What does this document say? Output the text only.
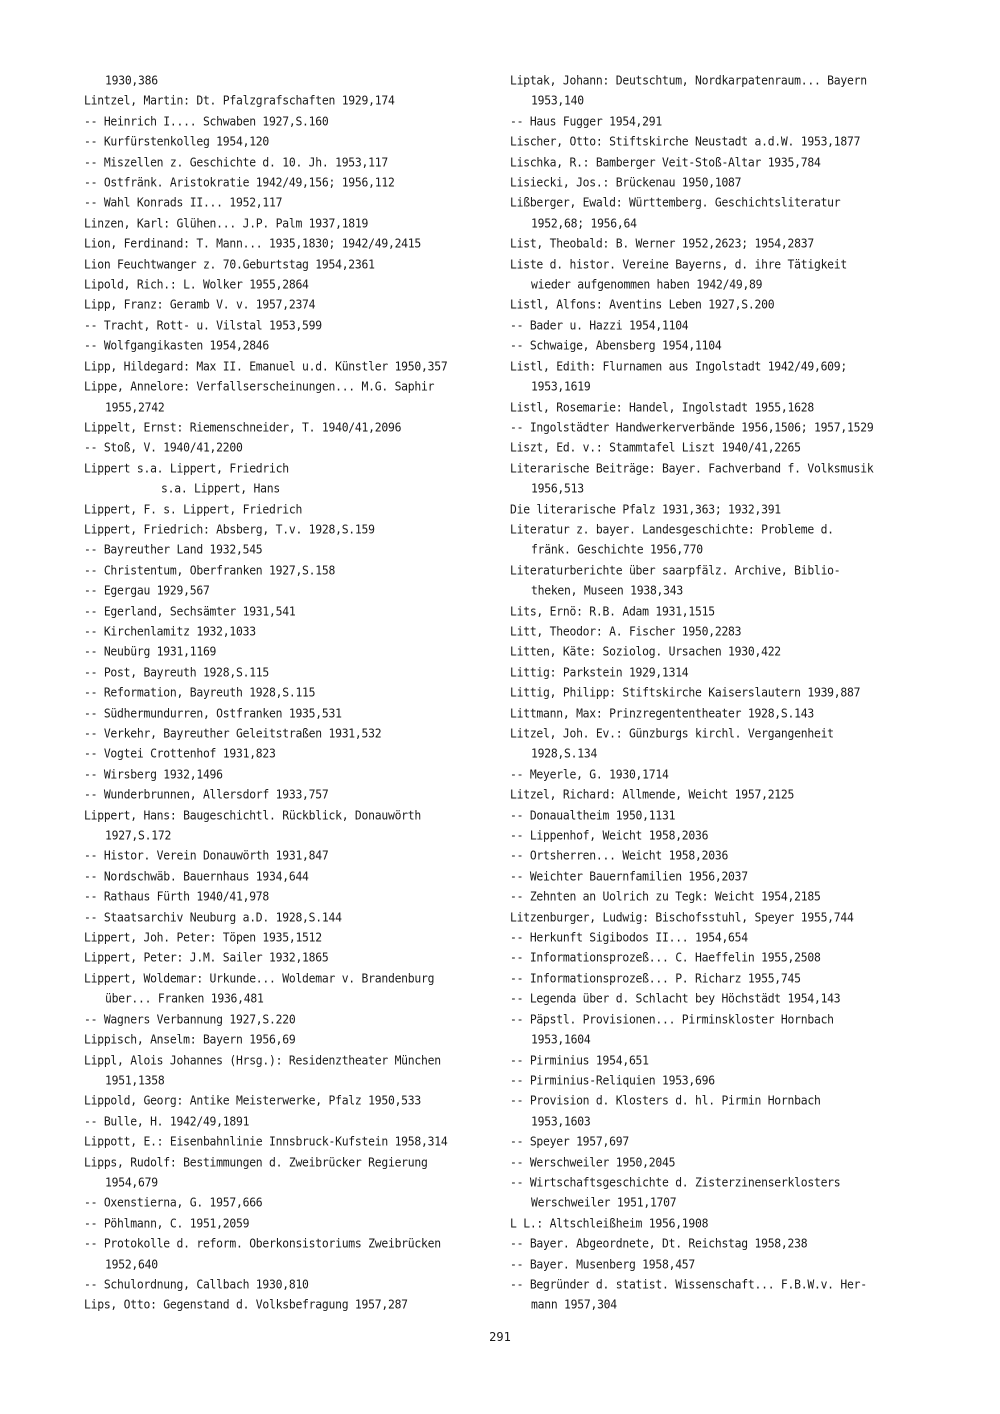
1930,386
Lintzel, Martin: Dt. Pfalzgrafschaften 1929,174
-- Heinrich I.... Schwaben 1927,S.160
-- Kurfürstenkolleg 1954,120
-- Miszellen z. Geschichte d. 10. Jh. 1953,117
-- Ostfränk. Aristokratie 1942/49,156; 1956,112
-- Wahl Konrads II... 1952,117
Linzen, Karl: Glühen... J.P. Palm 1937,1819
Lion, Ferdinand: T. Mann... 1935,1830; 1942/49,2415
Lion Feuchtwanger z. 70.Geburtstag 1954,2361
Lipold, Rich.: L. Wolker 1955,2864
Lipp, Franz: Geramb V. v. 1957,2374
-- Tracht, Rott- u. Vilstal 1953,599
-- Wolfgangikasten 1954,2846
Lipp, Hildegard: Max II. Emanuel u.d. Künstler 1950,357
Lippe, Annelore: Verfallserscheinungen... M.G. Saphir
1955,2742
Lippelt, Ernst: Riemenschneider, T. 1940/41,2096
-- Stoß, V. 1940/41,2200
Lippert s.a. Lippert, Friedrich
s.a. Lippert, Hans
Lippert, F. s. Lippert, Friedrich
Lippert, Friedrich: Absberg, T.v. 1928,S.159
-- Bayreuther Land 1932,545
-- Christentum, Oberfranken 1927,S.158
-- Egergau 1929,567
-- Egerland, Sechsämter 1931,541
-- Kirchenlamitz 1932,1033
-- Neubürg 1931,1169
-- Post, Bayreuth 1928,S.115
-- Reformation, Bayreuth 1928,S.115
-- Südhermundurren, Ostfranken 1935,531
-- Verkehr, Bayreuther Geleitstraßen 1931,532
-- Vogtei Crottenhof 1931,823
-- Wirsberg 1932,1496
-- Wunderbrunnen, Allersdorf 1933,757
Lippert, Hans: Baugeschichtl. Rückblick, Donauwörth
1927,S.172
-- Histor. Verein Donauwörth 1931,847
-- Nordschwäb. Bauernhaus 1934,644
-- Rathaus Fürth 1940/41,978
-- Staatsarchiv Neuburg a.D. 1928,S.144
Lippert, Joh. Peter: Töpen 1935,1512
Lippert, Peter: J.M. Sailer 1932,1865
Lippert, Woldemar: Urkunde... Woldemar v. Brandenburg
über... Franken 1936,481
-- Wagners Verbannung 1927,S.220
Lippisch, Anselm: Bayern 1956,69
Lippl, Alois Johannes (Hrsg.): Residenztheater München
1951,1358
Lippold, Georg: Antike Meisterwerke, Pfalz 1950,533
-- Bulle, H. 1942/49,1891
Lippott, E.: Eisenbahnlinie Innsbruck-Kufstein 1958,314
Lipps, Rudolf: Bestimmungen d. Zweibrücker Regierung
1954,679
-- Oxenstierna, G. 1957,666
-- Pöhlmann, C. 1951,2059
-- Protokolle d. reform. Oberkonsistoriums Zweibrücken
1952,640
-- Schulordnung, Callbach 1930,810
Lips, Otto: Gegenstand d. Volksbefragung 1957,287
Liptak, Johann: Deutschtum, Nordkarpatenraum... Bayern
1953,140
-- Haus Fugger 1954,291
Lischer, Otto: Stiftskirche Neustadt a.d.W. 1953,1877
Lischka, R.: Bamberger Veit-Stoß-Altar 1935,784
Lisiecki, Jos.: Brückenau 1950,1087
Lißberger, Ewald: Württemberg. Geschichtsliteratur
1952,68; 1956,64
List, Theobald: B. Werner 1952,2623; 1954,2837
Liste d. histor. Vereine Bayerns, d. ihre Tätigkeit
wieder aufgenommen haben 1942/49,89
Listl, Alfons: Aventins Leben 1927,S.200
-- Bader u. Hazzi 1954,1104
-- Schwaige, Abensberg 1954,1104
Listl, Edith: Flurnamen aus Ingolstadt 1942/49,609;
1953,1619
Listl, Rosemarie: Handel, Ingolstadt 1955,1628
-- Ingolstädter Handwerkerverbände 1956,1506; 1957,1529
Liszt, Ed. v.: Stammtafel Liszt 1940/41,2265
Literarische Beiträge: Bayer. Fachverband f. Volksmusik
1956,513
Die literarische Pfalz 1931,363; 1932,391
Literatur z. bayer. Landesgeschichte: Probleme d.
fränk. Geschichte 1956,770
Literaturberichte über saarpfälz. Archive, Biblio-
theken, Museen 1938,343
Lits, Ernö: R.B. Adam 1931,1515
Litt, Theodor: A. Fischer 1950,2283
Litten, Käte: Soziolog. Ursachen 1930,422
Littig: Parkstein 1929,1314
Littig, Philipp: Stiftskirche Kaiserslautern 1939,887
Littmann, Max: Prinzregententheater 1928,S.143
Litzel, Joh. Ev.: Günzburgs kirchl. Vergangenheit
1928,S.134
-- Meyerle, G. 1930,1714
Litzel, Richard: Allmende, Weicht 1957,2125
-- Donaualtheim 1950,1131
-- Lippenhof, Weicht 1958,2036
-- Ortsherren... Weicht 1958,2036
-- Weichter Bauernfamilien 1956,2037
-- Zehnten an Uolrich zu Tegk: Weicht 1954,2185
Litzenburger, Ludwig: Bischofsstuhl, Speyer 1955,744
-- Herkunft Sigibodos II... 1954,654
-- Informationsprozeß... C. Haeffelin 1955,2508
-- Informationsprozeß... P. Richarz 1955,745
-- Legenda über d. Schlacht bey Höchstädt 1954,143
-- Päpstl. Provisionen... Pirminskloster Hornbach
1953,1604
-- Pirminius 1954,651
-- Pirminius-Reliquien 1953,696
-- Provision d. Klosters d. hl. Pirmin Hornbach
1953,1603
-- Speyer 1957,697
-- Werschweiler 1950,2045
-- Wirtschaftsgeschichte d. Zisterzinenserklosters
Werschweiler 1951,1707
L L.: Altschleißheim 1956,1908
-- Bayer. Abgeordnete, Dt. Reichstag 1958,238
-- Bayer. Musenberg 1958,457
-- Begründer d. statist. Wissenschaft... F.B.W.v. Her-
mann 1957,304
291
